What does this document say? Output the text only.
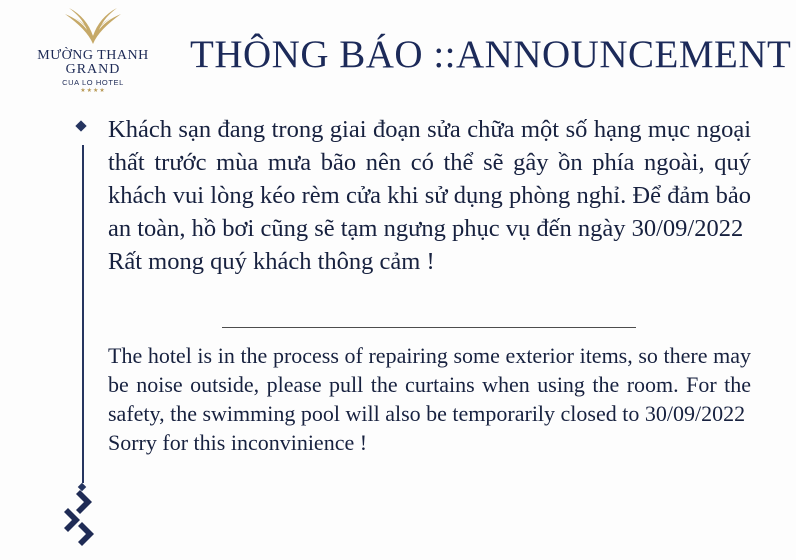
MƯỜNG THANH
GRAND
CUA LO HOTEL
★★★★
THÔNG BÁO ::ANNOUNCEMENT

Khách sạn đang trong giai đoạn sửa chữa một số hạng mục ngoại thất trước mùa mưa bão nên có thể sẽ gây ồn phía ngoài, quý khách vui lòng kéo rèm cửa khi sử dụng phòng nghỉ. Để đảm bảo an toàn, hồ bơi cũng sẽ tạm ngưng phục vụ đến ngày 30/09/2022

Rất mong quý khách thông cảm !

The hotel is in the process of repairing some exterior items, so there may be noise outside, please pull the curtains when using the room. For the safety, the swimming pool will also be temporarily closed to 30/09/2022

Sorry for this inconvinience !
